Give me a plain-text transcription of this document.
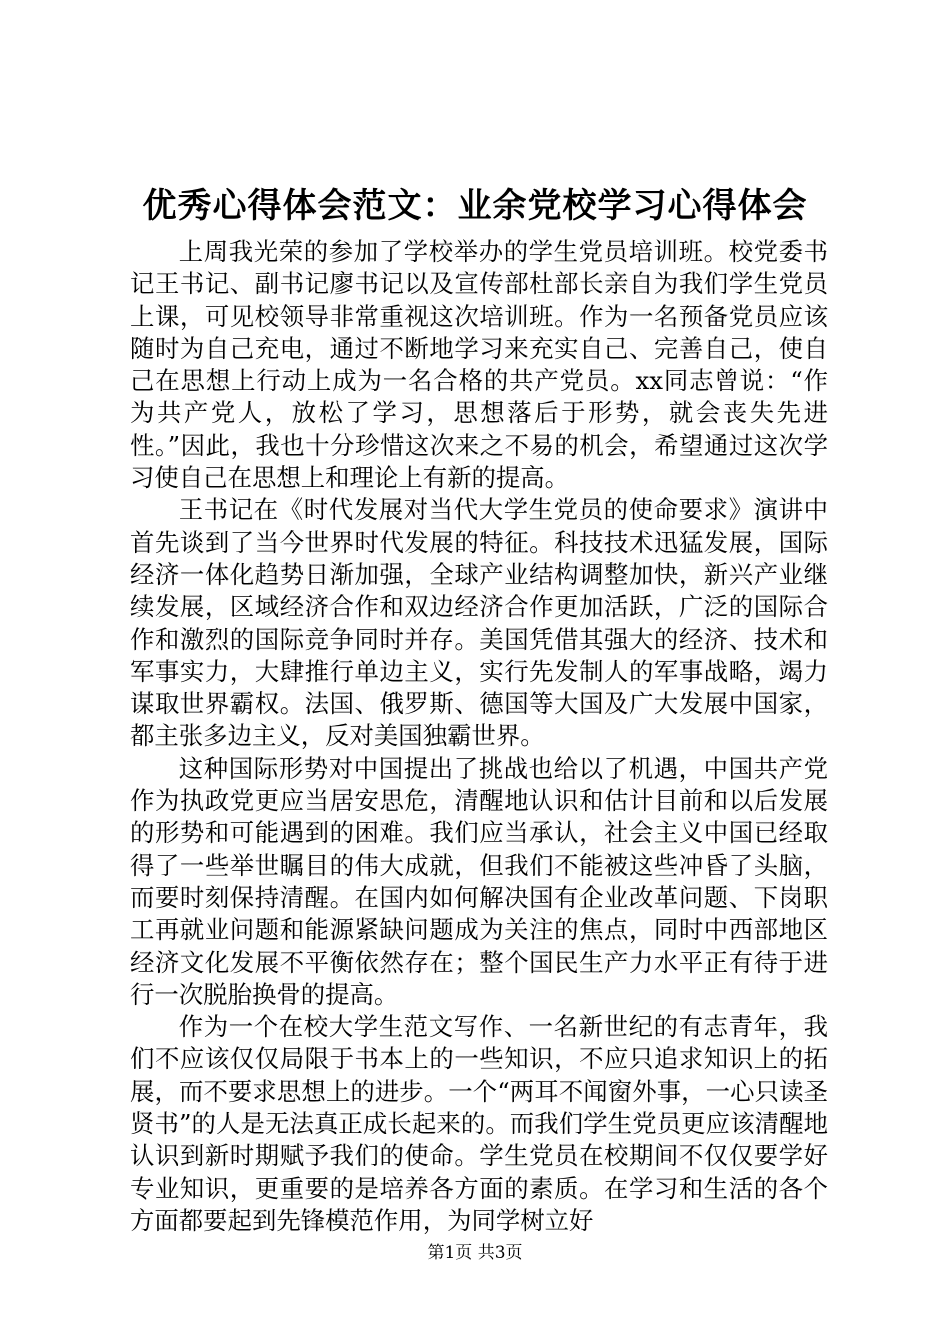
优秀心得体会范文：业余党校学习心得体会

上周我光荣的参加了学校举办的学生党员培训班。校党委书记王书记、副书记廖书记以及宣传部杜部长亲自为我们学生党员上课，可见校领导非常重视这次培训班。作为一名预备党员应该随时为自己充电，通过不断地学习来充实自己、完善自己，使自己在思想上行动上成为一名合格的共产党员。xx同志曾说：“作为共产党人，放松了学习，思想落后于形势，就会丧失先进性。”因此，我也十分珍惜这次来之不易的机会，希望通过这次学习使自己在思想上和理论上有新的提高。

王书记在《时代发展对当代大学生党员的使命要求》演讲中首先谈到了当今世界时代发展的特征。科技技术迅猛发展，国际经济一体化趋势日渐加强，全球产业结构调整加快，新兴产业继续发展，区域经济合作和双边经济合作更加活跃，广泛的国际合作和激烈的国际竞争同时并存。美国凭借其强大的经济、技术和军事实力，大肆推行单边主义，实行先发制人的军事战略，竭力谋取世界霸权。法国、俄罗斯、德国等大国及广大发展中国家，都主张多边主义，反对美国独霸世界。

这种国际形势对中国提出了挑战也给以了机遇，中国共产党作为执政党更应当居安思危，清醒地认识和估计目前和以后发展的形势和可能遇到的困难。我们应当承认，社会主义中国已经取得了一些举世瞩目的伟大成就，但我们不能被这些冲昏了头脑，而要时刻保持清醒。在国内如何解决国有企业改革问题、下岗职工再就业问题和能源紧缺问题成为关注的焦点，同时中西部地区经济文化发展不平衡依然存在；整个国民生产力水平正有待于进行一次脱胎换骨的提高。

作为一个在校大学生范文写作、一名新世纪的有志青年，我们不应该仅仅局限于书本上的一些知识，不应只追求知识上的拓展，而不要求思想上的进步。一个“两耳不闻窗外事，一心只读圣贤书”的人是无法真正成长起来的。而我们学生党员更应该清醒地认识到新时期赋予我们的使命。学生党员在校期间不仅仅要学好专业知识，更重要的是培养各方面的素质。在学习和生活的各个方面都要起到先锋模范作用，为同学树立好

第1页 共3页
